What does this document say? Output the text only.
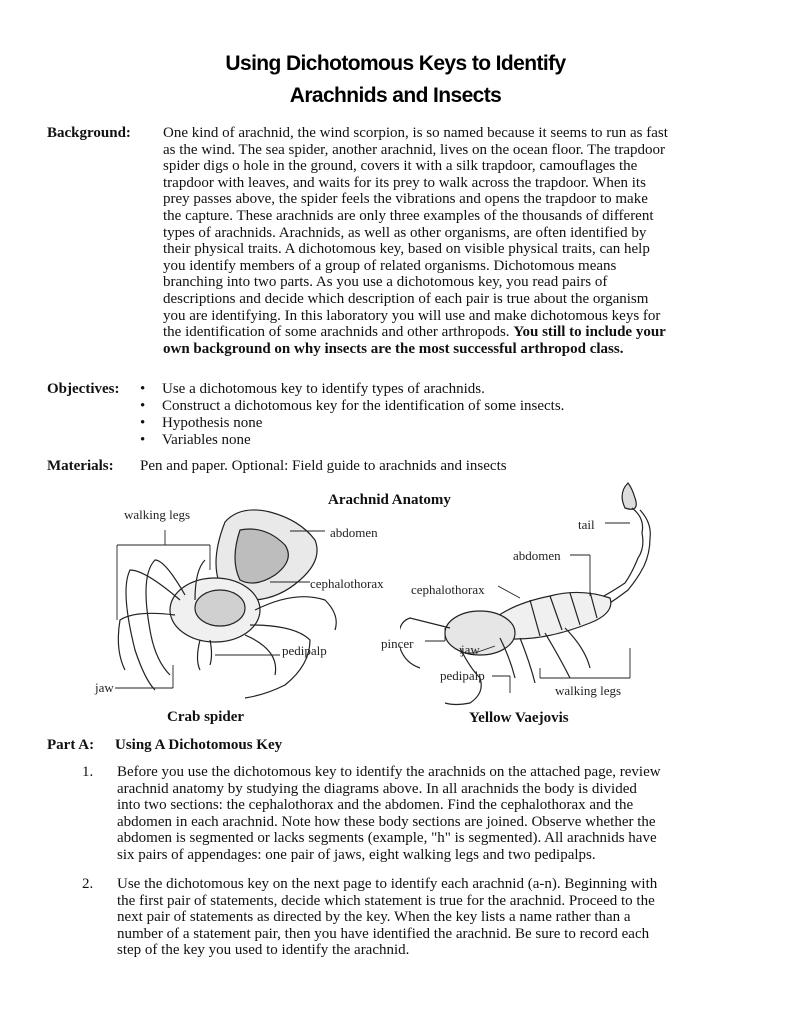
Using Dichotomous Keys to Identify
Arachnids and Insects
Background: One kind of arachnid, the wind scorpion, is so named because it seems to run as fast
as the wind. The sea spider, another arachnid, lives on the ocean floor. The trapdoor
spider digs o hole in the ground, covers it with a silk trapdoor, camouflages the
trapdoor with leaves, and waits for its prey to walk across the trapdoor. When its
prey passes above, the spider feels the vibrations and opens the trapdoor to make
the capture. These arachnids are only three examples of the thousands of different
types of arachnids. Arachnids, as well as other organisms, are often identified by
their physical traits. A dichotomous key, based on visible physical traits, can help
you identify members of a group of related organisms. Dichotomous means
branching into two parts. As you use a dichotomous key, you read pairs of
descriptions and decide which description of each pair is true about the organism
you are identifying. In this laboratory you will use and make dichotomous keys for
the identification of some arachnids and other arthropods. You still to include your
own background on why insects are the most successful arthropod class.
Objectives: • Use a dichotomous key to identify types of arachnids.
• Construct a dichotomous key for the identification of some insects.
• Hypothesis none
• Variables none
Materials: Pen and paper. Optional: Field guide to arachnids and insects
Arachnid Anatomy
walking legs
abdomen
cephalothorax
pedipalp
jaw
Crab spider
tail
abdomen
cephalothorax
pincer	jaw
pedipalp
walking legs
Yellow Vaejovis
Part A: Using A Dichotomous Key
1. Before you use the dichotomous key to identify the arachnids on the attached page, review
arachnid anatomy by studying the diagrams above. In all arachnids the body is divided
into two sections: the cephalothorax and the abdomen. Find the cephalothorax and the
abdomen in each arachnid. Note how these body sections are joined. Observe whether the
abdomen is segmented or lacks segments (example, "h" is segmented). All arachnids have
six pairs of appendages: one pair of jaws, eight walking legs and two pedipalps.
2. Use the dichotomous key on the next page to identify each arachnid (a-n). Beginning with
the first pair of statements, decide which statement is true for the arachnid. Proceed to the
next pair of statements as directed by the key. When the key lists a name rather than a
number of a statement pair, then you have identified the arachnid. Be sure to record each
step of the key you used to identify the arachnid.
